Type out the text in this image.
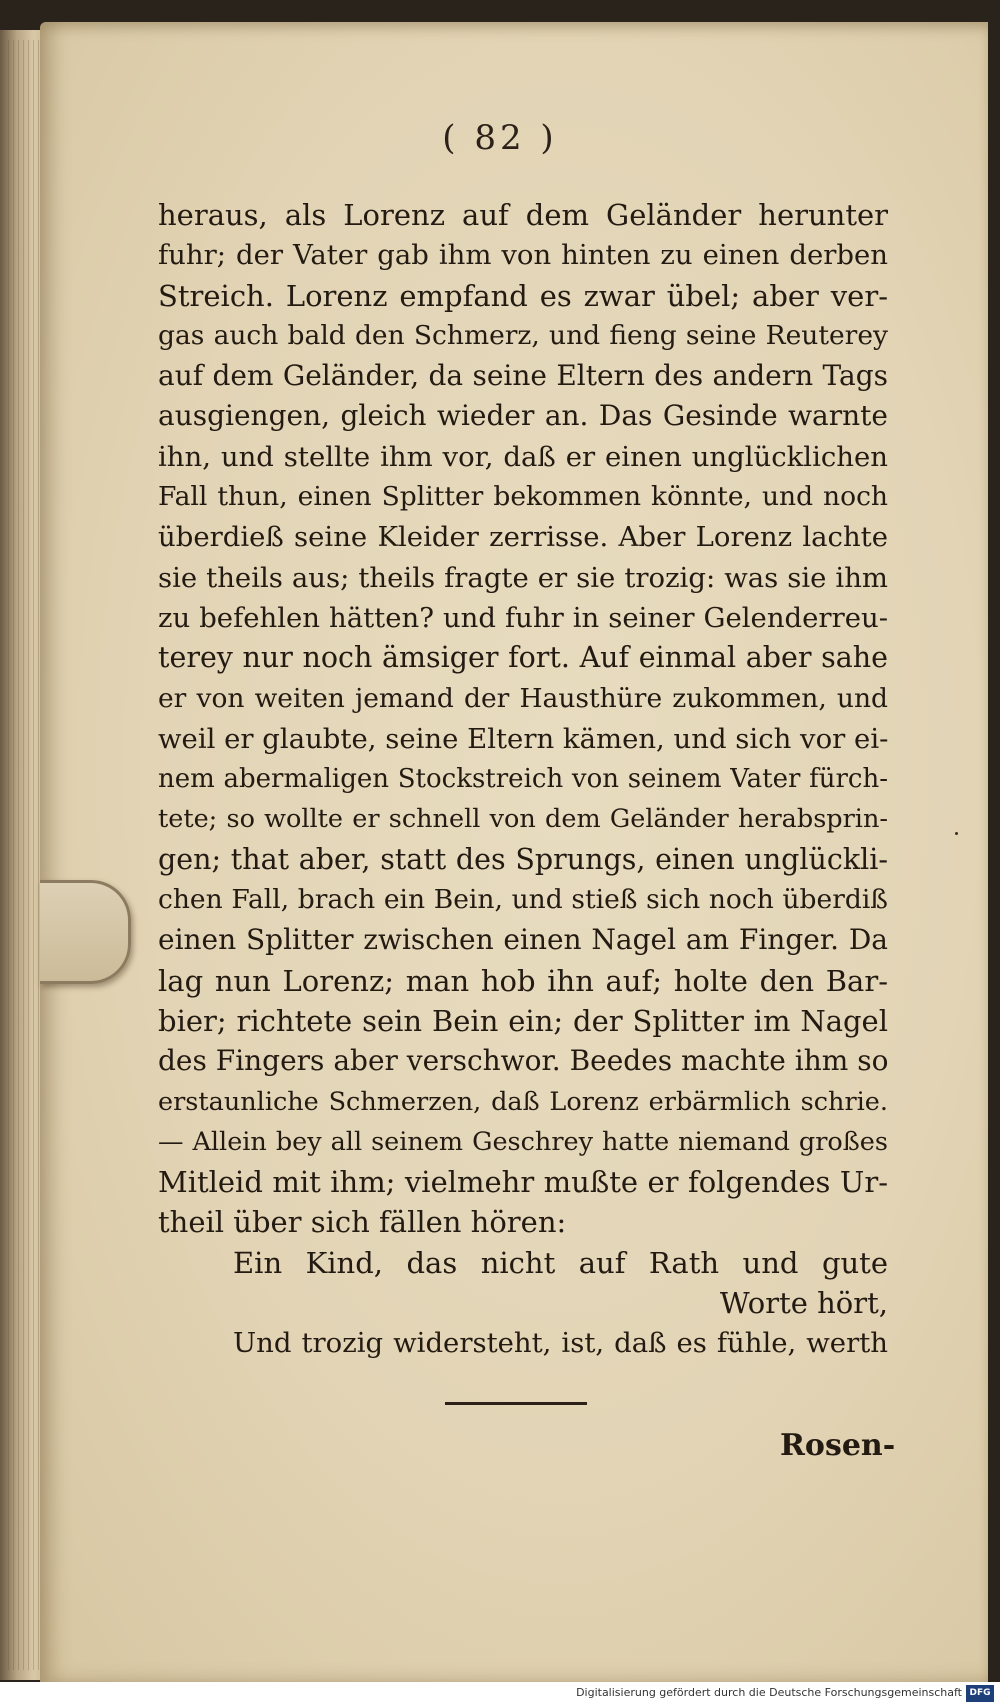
( 82 )
heraus, als Lorenz auf dem Geländer herunter
fuhr; der Vater gab ihm von hinten zu einen derben
Streich. Lorenz empfand es zwar übel; aber ver-
gas auch bald den Schmerz, und fieng seine Reuterey
auf dem Geländer, da seine Eltern des andern Tags
ausgiengen, gleich wieder an. Das Gesinde warnte
ihn, und stellte ihm vor, daß er einen unglücklichen
Fall thun, einen Splitter bekommen könnte, und noch
überdieß seine Kleider zerrisse. Aber Lorenz lachte
sie theils aus; theils fragte er sie trozig: was sie ihm
zu befehlen hätten? und fuhr in seiner Gelenderreu-
terey nur noch ämsiger fort. Auf einmal aber sahe
er von weiten jemand der Hausthüre zukommen, und
weil er glaubte, seine Eltern kämen, und sich vor ei-
nem abermaligen Stockstreich von seinem Vater fürch-
tete; so wollte er schnell von dem Geländer herabsprin-
gen; that aber, statt des Sprungs, einen unglückli-
chen Fall, brach ein Bein, und stieß sich noch überdiß
einen Splitter zwischen einen Nagel am Finger. Da
lag nun Lorenz; man hob ihn auf; holte den Bar-
bier; richtete sein Bein ein; der Splitter im Nagel
des Fingers aber verschwor. Beedes machte ihm so
erstaunliche Schmerzen, daß Lorenz erbärmlich schrie.
— Allein bey all seinem Geschrey hatte niemand großes
Mitleid mit ihm; vielmehr mußte er folgendes Ur-
theil über sich fällen hören:
Ein Kind, das nicht auf Rath und gute
Worte hört,
Und trozig widersteht, ist, daß es fühle, werth
Rosen-
Digitalisierung gefördert durch die Deutsche Forschungsgemeinschaft DFG
